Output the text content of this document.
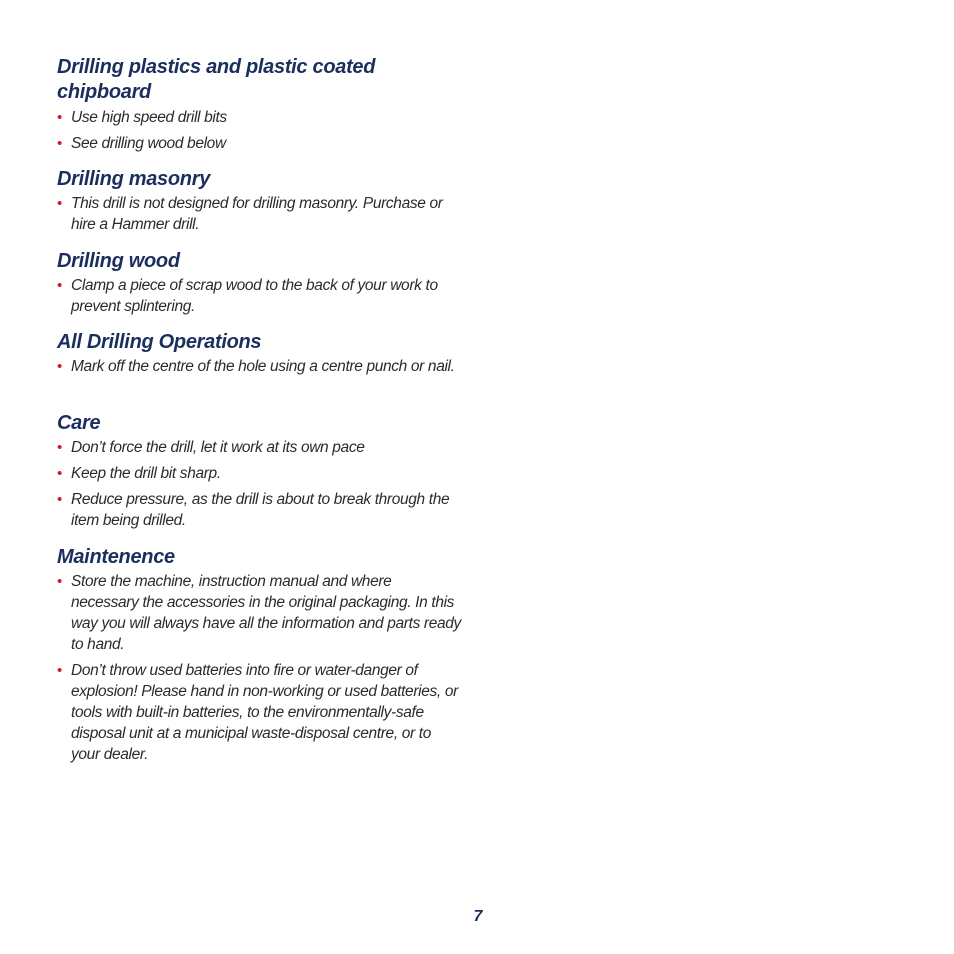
Drilling plastics and plastic coated chipboard
• Use high speed drill bits
• See drilling wood below
Drilling masonry
• This drill is not designed for drilling masonry. Purchase or hire a Hammer drill.
Drilling wood
• Clamp a piece of scrap wood to the back of your work to prevent splintering.
All Drilling Operations
• Mark off the centre of the hole using a centre punch or nail.
Care
• Don’t force the drill, let it work at its own pace
• Keep the drill bit sharp.
• Reduce pressure, as the drill is about to break through the item being drilled.
Maintenence
• Store the machine, instruction manual and where necessary the accessories in the original packaging. In this way you will always have all the information and parts ready to hand.
• Don’t throw used batteries into fire or water-danger of explosion! Please hand in non-working or used batteries, or tools with built-in batteries, to the environmentally-safe disposal unit at a municipal waste-disposal centre, or to your dealer.
7
